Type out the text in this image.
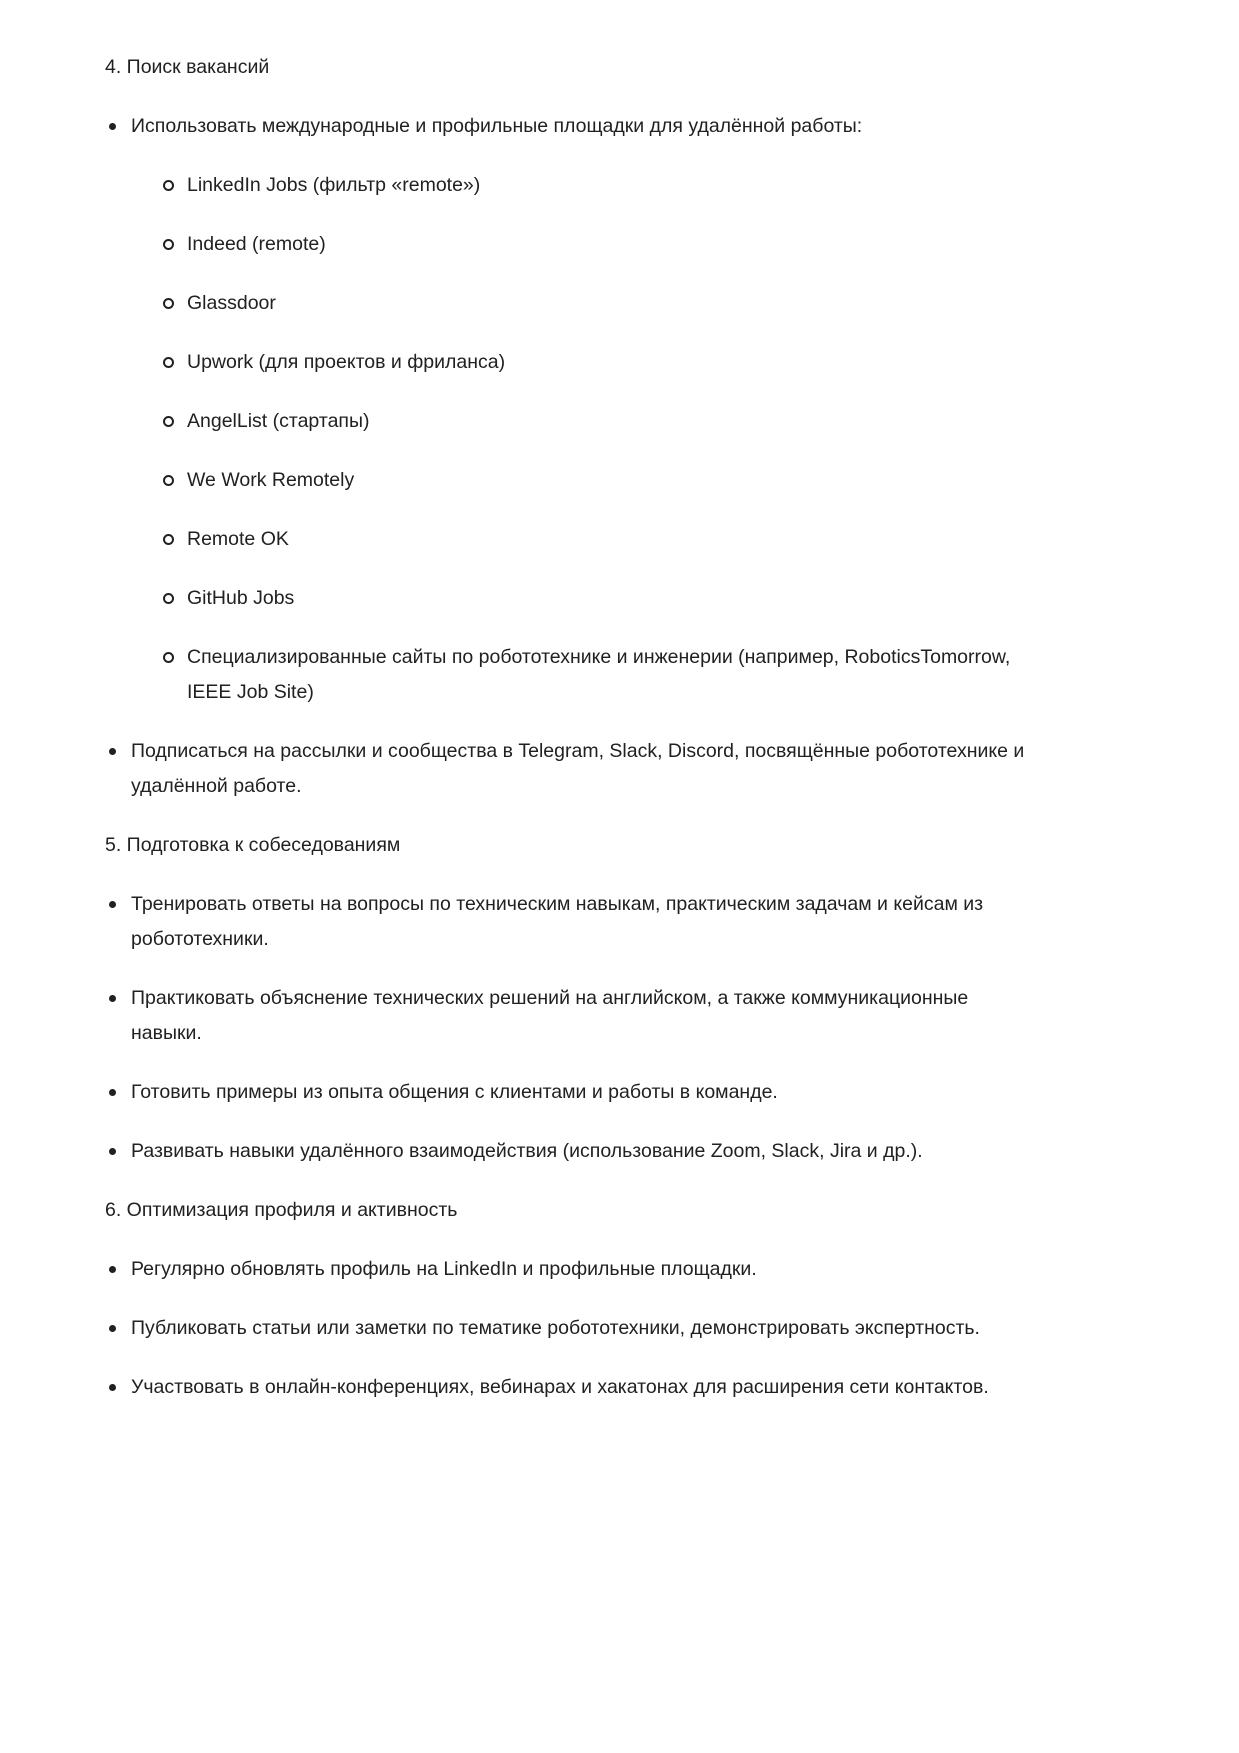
4. Поиск вакансий
Использовать международные и профильные площадки для удалённой работы:
LinkedIn Jobs (фильтр «remote»)
Indeed (remote)
Glassdoor
Upwork (для проектов и фриланса)
AngelList (стартапы)
We Work Remotely
Remote OK
GitHub Jobs
Специализированные сайты по робототехнике и инженерии (например, RoboticsTomorrow, IEEE Job Site)
Подписаться на рассылки и сообщества в Telegram, Slack, Discord, посвящённые робототехнике и удалённой работе.
5. Подготовка к собеседованиям
Тренировать ответы на вопросы по техническим навыкам, практическим задачам и кейсам из робототехники.
Практиковать объяснение технических решений на английском, а также коммуникационные навыки.
Готовить примеры из опыта общения с клиентами и работы в команде.
Развивать навыки удалённого взаимодействия (использование Zoom, Slack, Jira и др.).
6. Оптимизация профиля и активность
Регулярно обновлять профиль на LinkedIn и профильные площадки.
Публиковать статьи или заметки по тематике робототехники, демонстрировать экспертность.
Участвовать в онлайн-конференциях, вебинарах и хакатонах для расширения сети контактов.
